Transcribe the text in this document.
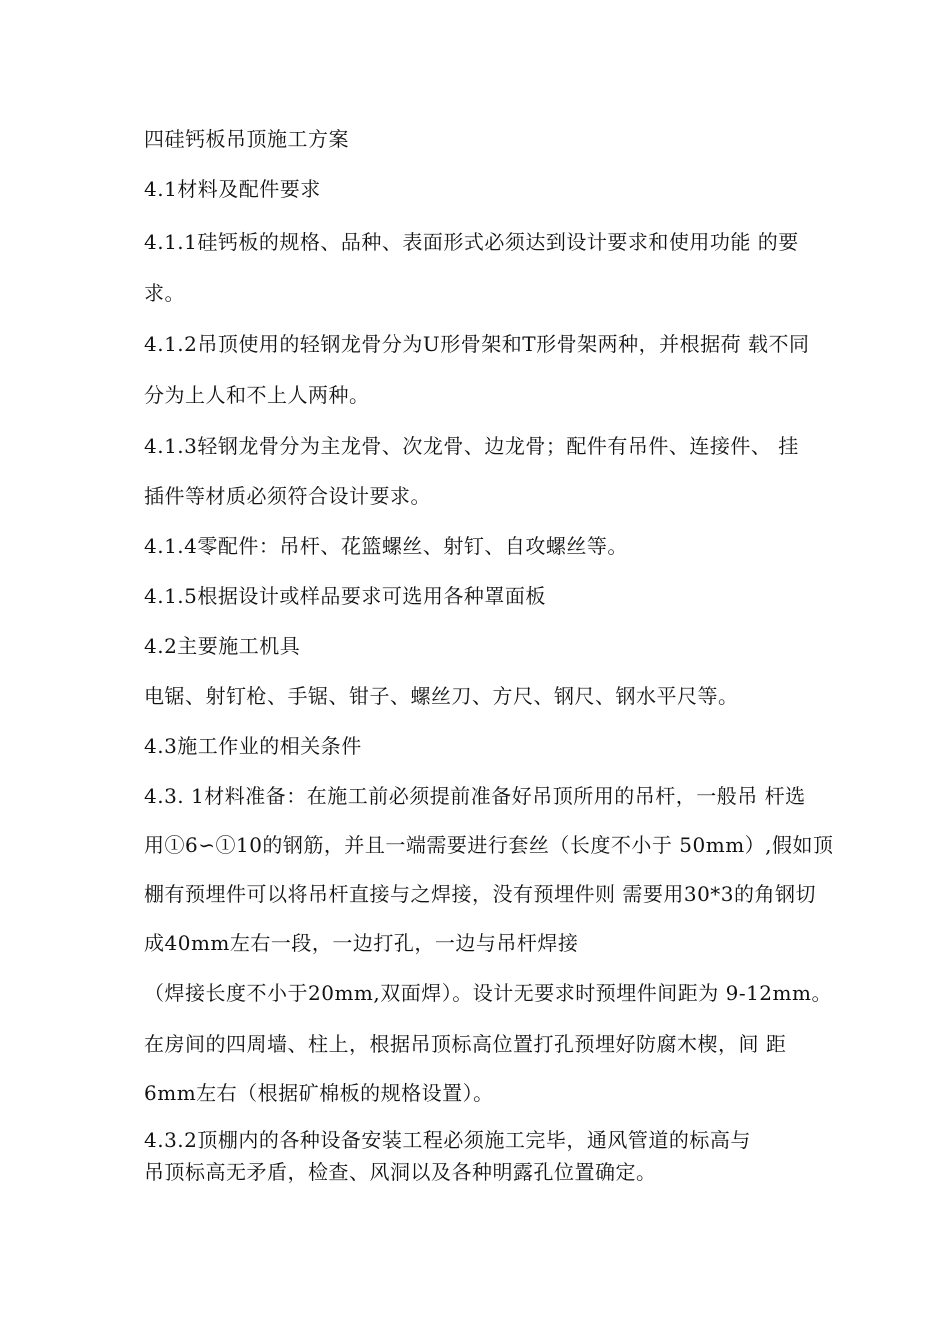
四硅钙板吊顶施工方案
4.1材料及配件要求
4.1.1硅钙板的规格、品种、表面形式必须达到设计要求和使用功能 的要
求。
4.1.2吊顶使用的轻钢龙骨分为U形骨架和T形骨架两种，并根据荷 载不同
分为上人和不上人两种。
4.1.3轻钢龙骨分为主龙骨、次龙骨、边龙骨；配件有吊件、连接件、 挂
插件等材质必须符合设计要求。
4.1.4零配件：吊杆、花篮螺丝、射钉、自攻螺丝等。
4.1.5根据设计或样品要求可选用各种罩面板
4.2主要施工机具
电锯、射钉枪、手锯、钳子、螺丝刀、方尺、钢尺、钢水平尺等。
4.3施工作业的相关条件
4.3. 1材料准备：在施工前必须提前准备好吊顶所用的吊杆，一般吊 杆选
用①6∽①10的钢筋，并且一端需要进行套丝（长度不小于 50mm）,假如顶
棚有预埋件可以将吊杆直接与之焊接，没有预埋件则 需要用30*3的角钢切
成40mm左右一段，一边打孔，一边与吊杆焊接
（焊接长度不小于20mm,双面焊）。设计无要求时预埋件间距为 9-12mm。
在房间的四周墙、柱上，根据吊顶标高位置打孔预埋好防腐木楔，间 距
6mm左右（根据矿棉板的规格设置）。
4.3.2顶棚内的各种设备安装工程必须施工完毕，通风管道的标高与
吊顶标高无矛盾，检查、风洞以及各种明露孔位置确定。
